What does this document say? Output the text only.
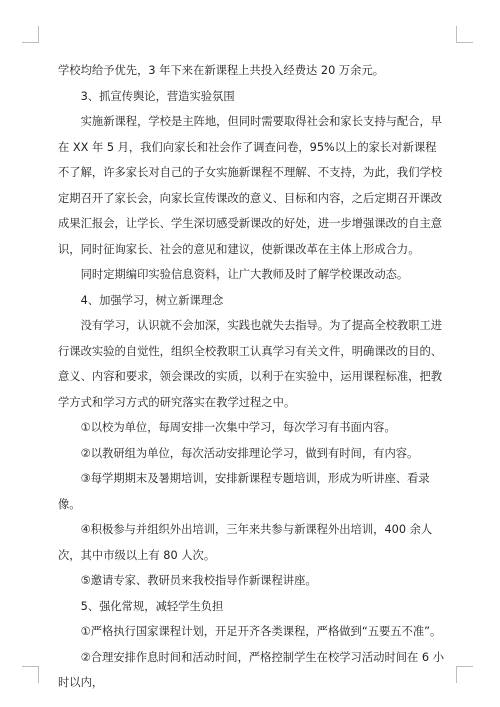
学校均给予优先，3 年下来在新课程上共投入经费达 20 万余元。

3、抓宣传舆论，营造实验氛围

实施新课程，学校是主阵地，但同时需要取得社会和家长支持与配合，早在 XX 年 5 月，我们向家长和社会作了调查问卷，95%以上的家长对新课程不了解，许多家长对自己的子女实施新课程不理解、不支持，为此，我们学校定期召开了家长会，向家长宣传课改的意义、目标和内容，之后定期召开课改成果汇报会，让学长、学生深切感受新课改的好处，进一步增强课改的自主意识，同时征询家长、社会的意见和建议，使新课改革在主体上形成合力。

同时定期编印实验信息资料，让广大教师及时了解学校课改动态。

4、加强学习，树立新课理念

没有学习，认识就不会加深，实践也就失去指导。为了提高全校教职工进行课改实验的自觉性，组织全校教职工认真学习有关文件，明确课改的目的、意义、内容和要求，领会课改的实质，以利于在实验中，运用课程标准，把教学方式和学习方式的研究落实在教学过程之中。

①以校为单位，每周安排一次集中学习，每次学习有书面内容。

②以教研组为单位，每次活动安排理论学习，做到有时间，有内容。

③每学期期末及暑期培训，安排新课程专题培训，形成为听讲座、看录像。

④积极参与并组织外出培训，三年来共参与新课程外出培训，400 余人次，其中市级以上有 80 人次。

⑤邀请专家、教研员来我校指导作新课程讲座。

5、强化常规，减轻学生负担

①严格执行国家课程计划，开足开齐各类课程，严格做到“五要五不准”。

②合理安排作息时间和活动时间，严格控制学生在校学习活动时间在 6 小时以内，
